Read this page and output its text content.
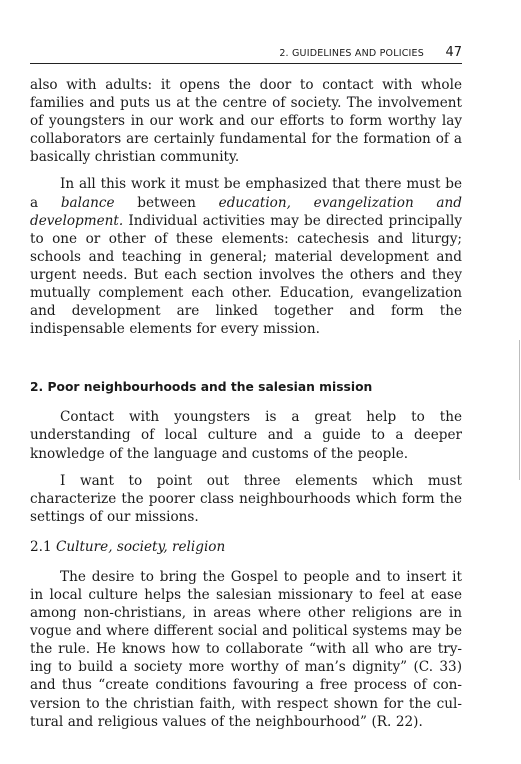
2. GUIDELINES AND POLICIES 47

also with adults: it opens the door to contact with whole families and puts us at the centre of society. The involvement of youngsters in our work and our efforts to form worthy lay collaborators are certainly fundamental for the formation of a basically christian community.

In all this work it must be emphasized that there must be a balance between education, evangelization and development. Individual activities may be directed principally to one or other of these elements: catechesis and liturgy; schools and teaching in general; material development and urgent needs. But each section involves the others and they mutually complement each other. Education, evangelization and development are linked together and form the indispensable elements for every mission.

2. Poor neighbourhoods and the salesian mission

Contact with youngsters is a great help to the understanding of local culture and a guide to a deeper knowledge of the language and customs of the people.

I want to point out three elements which must characterize the poorer class neighbourhoods which form the settings of our missions.

2.1 Culture, society, religion

The desire to bring the Gospel to people and to insert it in local culture helps the salesian missionary to feel at ease among non-christians, in areas where other religions are in vogue and where different social and political systems may be the rule. He knows how to collaborate “with all who are trying to build a society more worthy of man’s dignity” (C. 33) and thus “create conditions favouring a free process of conversion to the christian faith, with respect shown for the cultural and religious values of the neighbourhood” (R. 22).
